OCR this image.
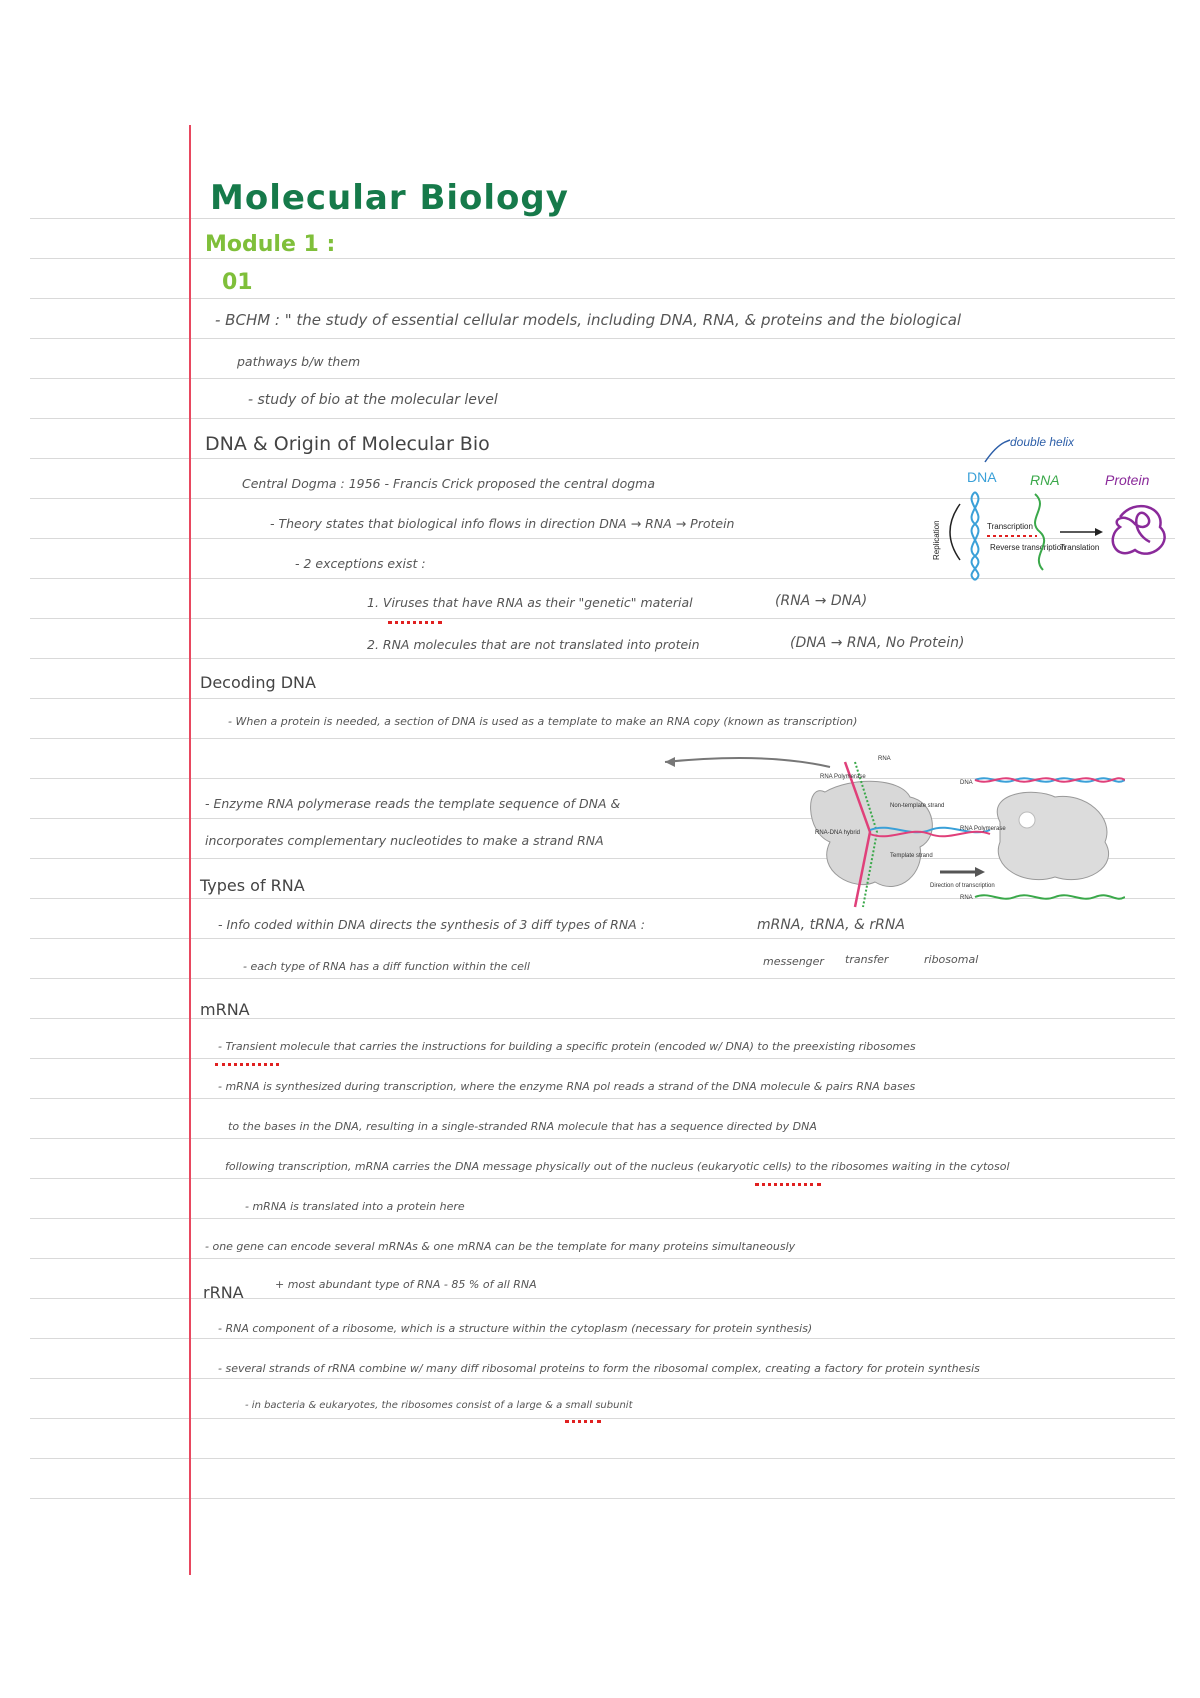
Molecular Biology
Module 1 :
01
- BCHM : " the study of essential cellular models, including DNA, RNA, & proteins and the biological
pathways b/w them
- study of bio at the molecular level
DNA & Origin of Molecular Bio
Central Dogma : 1956 - Francis Crick proposed the central dogma
- Theory states that biological info flows in direction DNA → RNA → Protein
- 2 exceptions exist :
1. Viruses that have RNA as their "genetic" material	(RNA → DNA)
2. RNA molecules that are not translated into protein	(DNA → RNA, No Protein)
double helix
DNA RNA	Protein
Replication	Transcription
Reverse transcription
Translation
Decoding DNA
- When a protein is needed, a section of DNA is used as a template to make an RNA copy (known as transcription)
- Enzyme RNA polymerase reads the template sequence of DNA &
incorporates complementary nucleotides to make a strand RNA
RNA
RNA Polymerase
RNA-DNA hybrid
Non-template strand
Template strand
Direction of transcription
DNA
RNA Polymerase
RNA
Types of RNA
- Info coded within DNA directs the synthesis of 3 diff types of RNA :	mRNA, tRNA, & rRNA
messenger transfer	ribosomal
- each type of RNA has a diff function within the cell
mRNA
- Transient molecule that carries the instructions for building a specific protein (encoded w/ DNA) to the preexisting ribosomes
- mRNA is synthesized during transcription, where the enzyme RNA pol reads a strand of the DNA molecule & pairs RNA bases
to the bases in the DNA, resulting in a single-stranded RNA molecule that has a sequence directed by DNA
following transcription, mRNA carries the DNA message physically out of the nucleus (eukaryotic cells) to the ribosomes waiting in the cytosol
- mRNA is translated into a protein here
- one gene can encode several mRNAs & one mRNA can be the template for many proteins simultaneously
rRNA	+ most abundant type of RNA - 85 % of all RNA
- RNA component of a ribosome, which is a structure within the cytoplasm (necessary for protein synthesis)
- several strands of rRNA combine w/ many diff ribosomal proteins to form the ribosomal complex, creating a factory for protein synthesis
- in bacteria & eukaryotes, the ribosomes consist of a large & a small subunit
